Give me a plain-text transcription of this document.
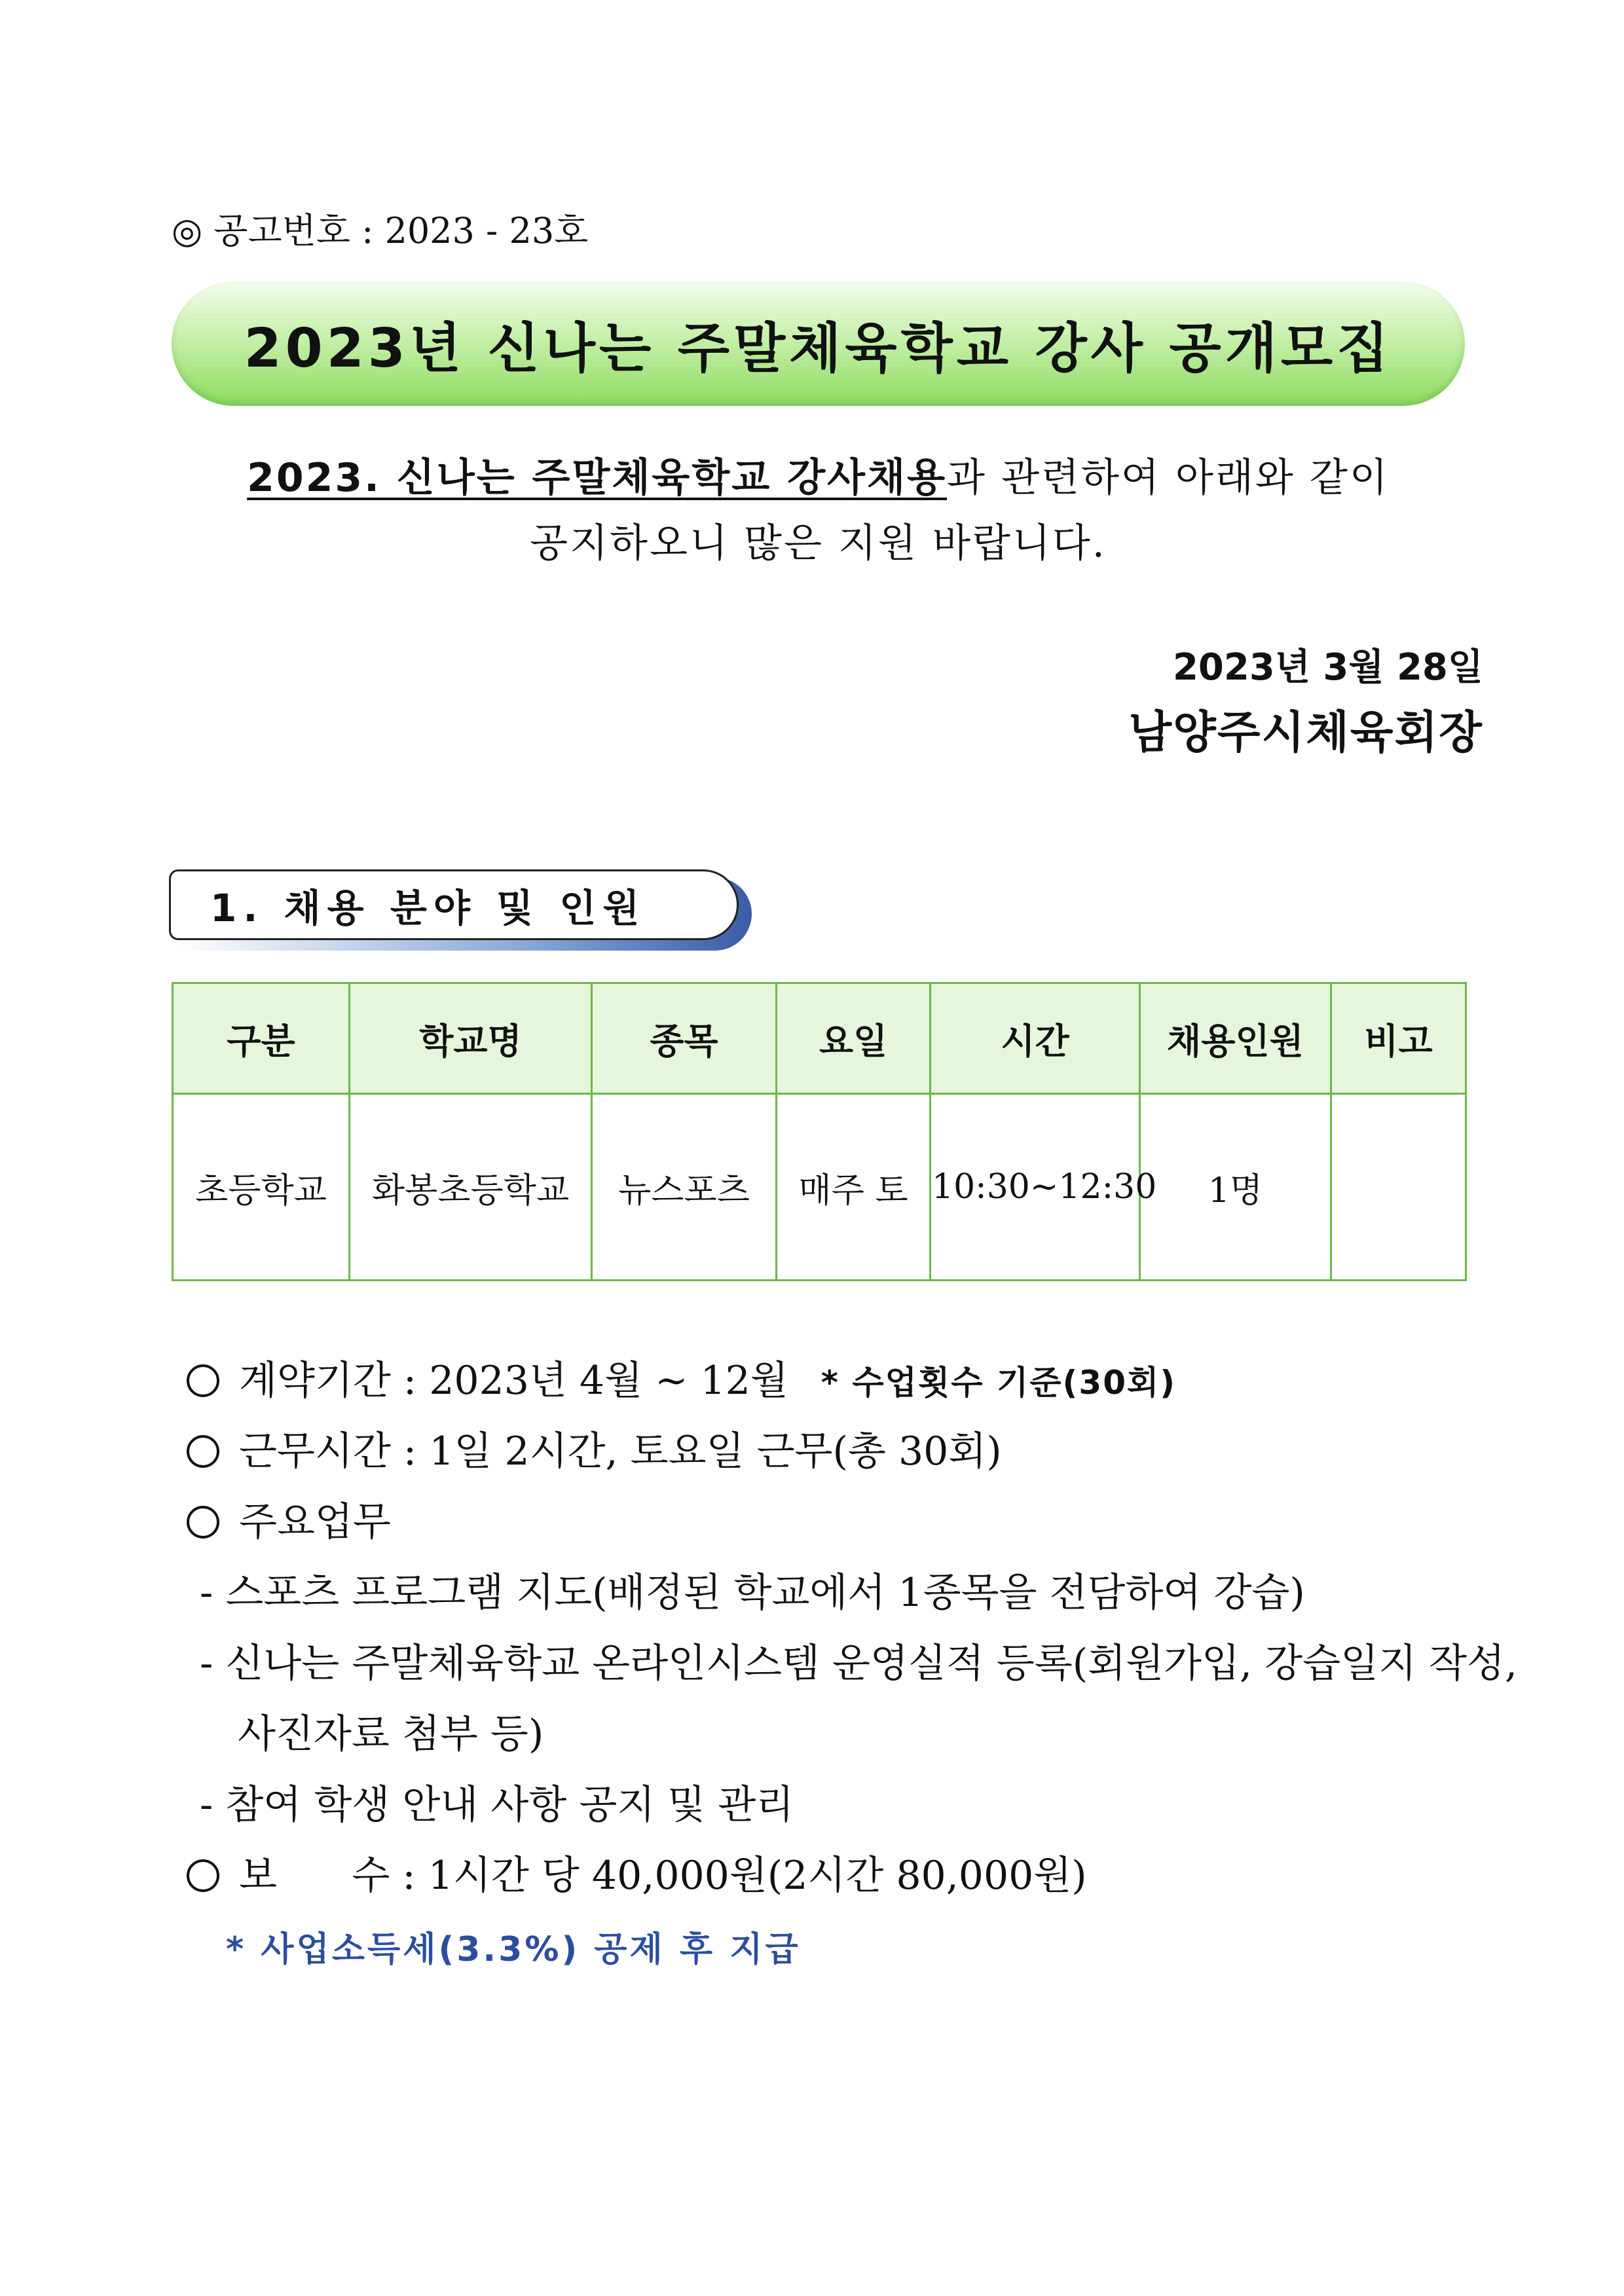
◎ 공고번호 : 2023 - 23호
2023년 신나는 주말체육학교 강사 공개모집
2023. 신나는 주말체육학교 강사채용과 관련하여 아래와 같이
공지하오니 많은 지원 바랍니다.
2023년 3월 28일
남양주시체육회장
1. 채용 분야 및 인원
구분	학교명	종목	요일	시간	채용인원	비고
초등학교	화봉초등학교	뉴스포츠	매주 토	10:30~12:30	1명	
계약기간 : 2023년 4월 ~ 12월 * 수업횟수 기준(30회)
근무시간 : 1일 2시간, 토요일 근무(총 30회)
주요업무
- 스포츠 프로그램 지도(배정된 학교에서 1종목을 전담하여 강습)
- 신나는 주말체육학교 온라인시스템 운영실적 등록(회원가입, 강습일지 작성,
사진자료 첨부 등)
- 참여 학생 안내 사항 공지 및 관리
보      수 : 1시간 당 40,000원(2시간 80,000원)
* 사업소득세(3.3%) 공제 후 지급
